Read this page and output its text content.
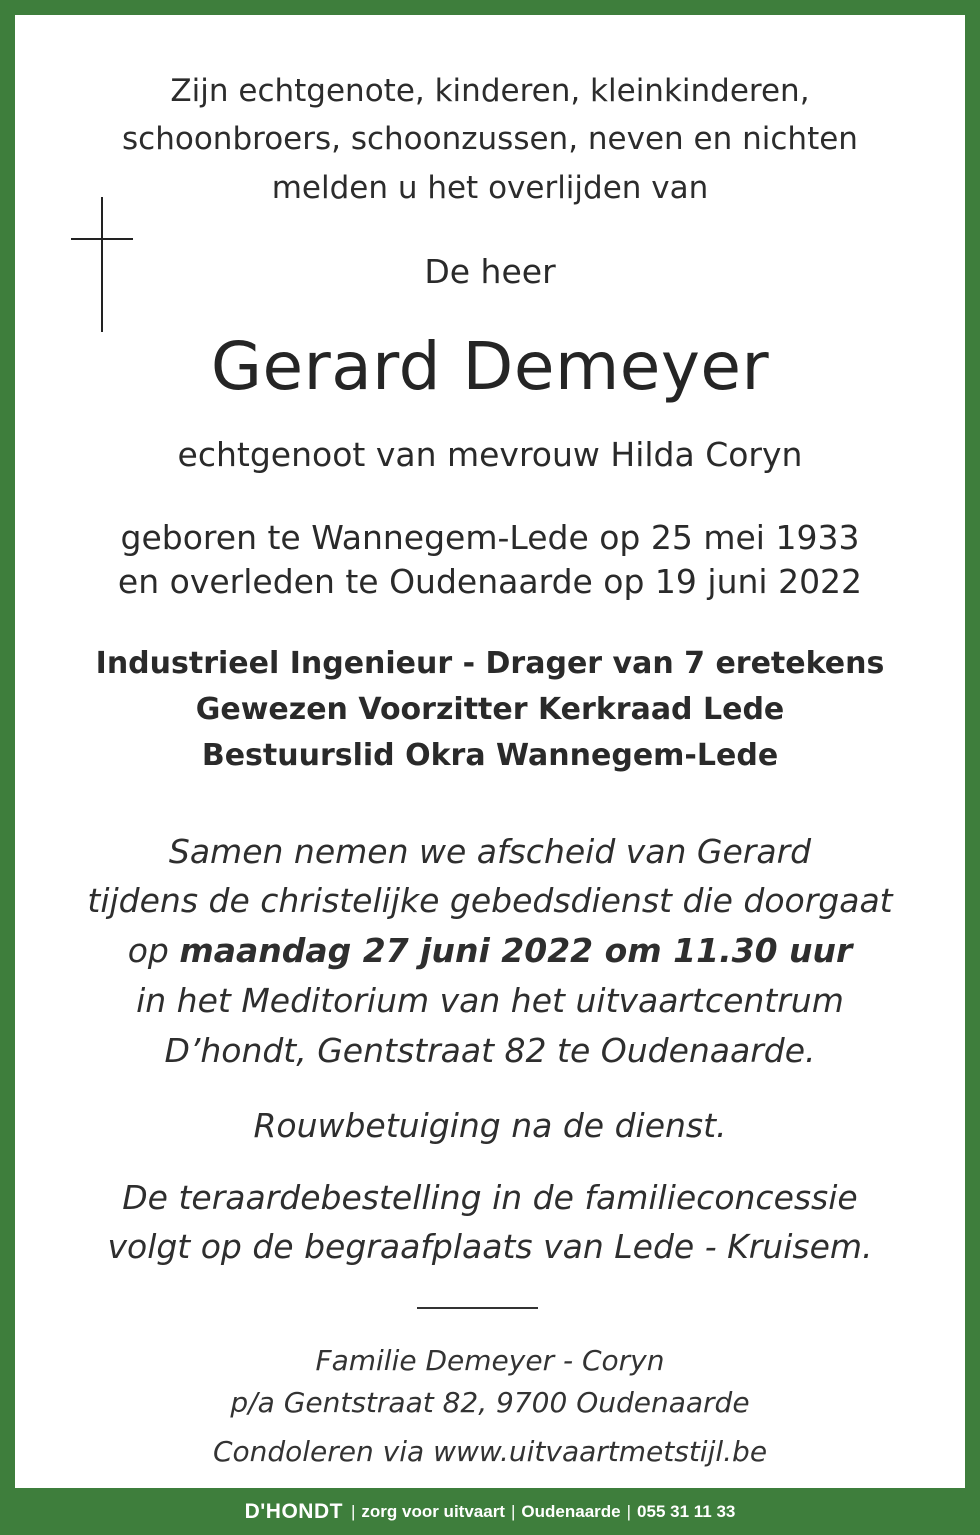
Zijn echtgenote, kinderen, kleinkinderen,
schoonbroers, schoonzussen, neven en nichten
melden u het overlijden van
De heer
Gerard Demeyer
echtgenoot van mevrouw Hilda Coryn
geboren te Wannegem-Lede op 25 mei 1933
en overleden te Oudenaarde op 19 juni 2022
Industrieel Ingenieur - Drager van 7 eretekens
Gewezen Voorzitter Kerkraad Lede
Bestuurslid Okra Wannegem-Lede
Samen nemen we afscheid van Gerard
tijdens de christelijke gebedsdienst die doorgaat
op maandag 27 juni 2022 om 11.30 uur
in het Meditorium van het uitvaartcentrum
D’hondt, Gentstraat 82 te Oudenaarde.
Rouwbetuiging na de dienst.
De teraardebestelling in de familieconcessie
volgt op de begraafplaats van Lede - Kruisem.
Familie Demeyer - Coryn
p/a Gentstraat 82, 9700 Oudenaarde
Condoleren via www.uitvaartmetstijl.be
D'HONDT | zorg voor uitvaart | Oudenaarde | 055 31 11 33
